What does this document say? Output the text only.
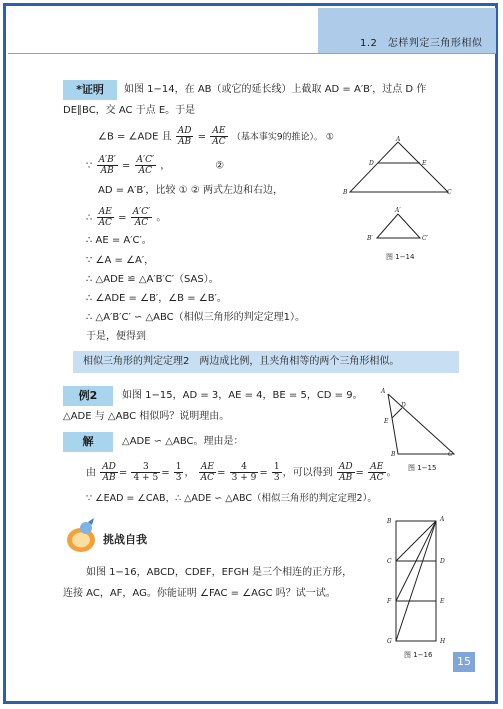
1.2　怎样判定三角形相似
*证明	如图 1−14，在 AB（或它的延长线）上截取 AD = A′B′，过点 D 作
DE∥BC，交 AC 于点 E。于是
∠B = ∠ADE 且 $\frac{AD}{AB} = \frac{AE}{AC}$ （基本事实9的推论）。 ①
∵ $\frac{A'B'}{AB} = \frac{A'C'}{AC}$ ，　　　　　②
AD = A′B′，比较 ① ② 两式左边和右边，
∴ $\frac{AE}{AC} = \frac{A'C'}{AC}$ 。
∴ AE = A′C′。
∵ ∠A = ∠A′，
∴ △ADE ≌ △A′B′C′（SAS）。
∴ ∠ADE = ∠B′，∠B = ∠B′。
∴ △A′B′C′ ∽ △ABC（相似三角形的判定定理1）。
于是，便得到
A
D	E
B	C
A′
B′	C′
图 1−14
相似三角形的判定定理2　两边成比例，且夹角相等的两个三角形相似。
例2	如图 1−15，AD = 3，AE = 4，BE = 5，CD = 9。
△ADE 与 △ABC 相似吗？说明理由。
解	△ADE ∽ △ABC。理由是：
由 $\frac{AD}{AB} = \frac{3}{4 + 5} = \frac{1}{3}$ ， $\frac{AE}{AC} = \frac{4}{3 + 9} = \frac{1}{3}$ ，可以得到 $\frac{AD}{AB} = \frac{AE}{AC}$ 。
∵ ∠EAD = ∠CAB，∴ △ADE ∽ △ABC（相似三角形的判定定理2）。
A
D
E
B	C
图 1−15
挑战自我
如图 1−16，ABCD，CDEF，EFGH 是三个相连的正方形，
连接 AC，AF，AG。你能证明 ∠FAC = ∠AGC 吗？试一试。
B	A
C	D
F	E
G	H
图 1−16	15
